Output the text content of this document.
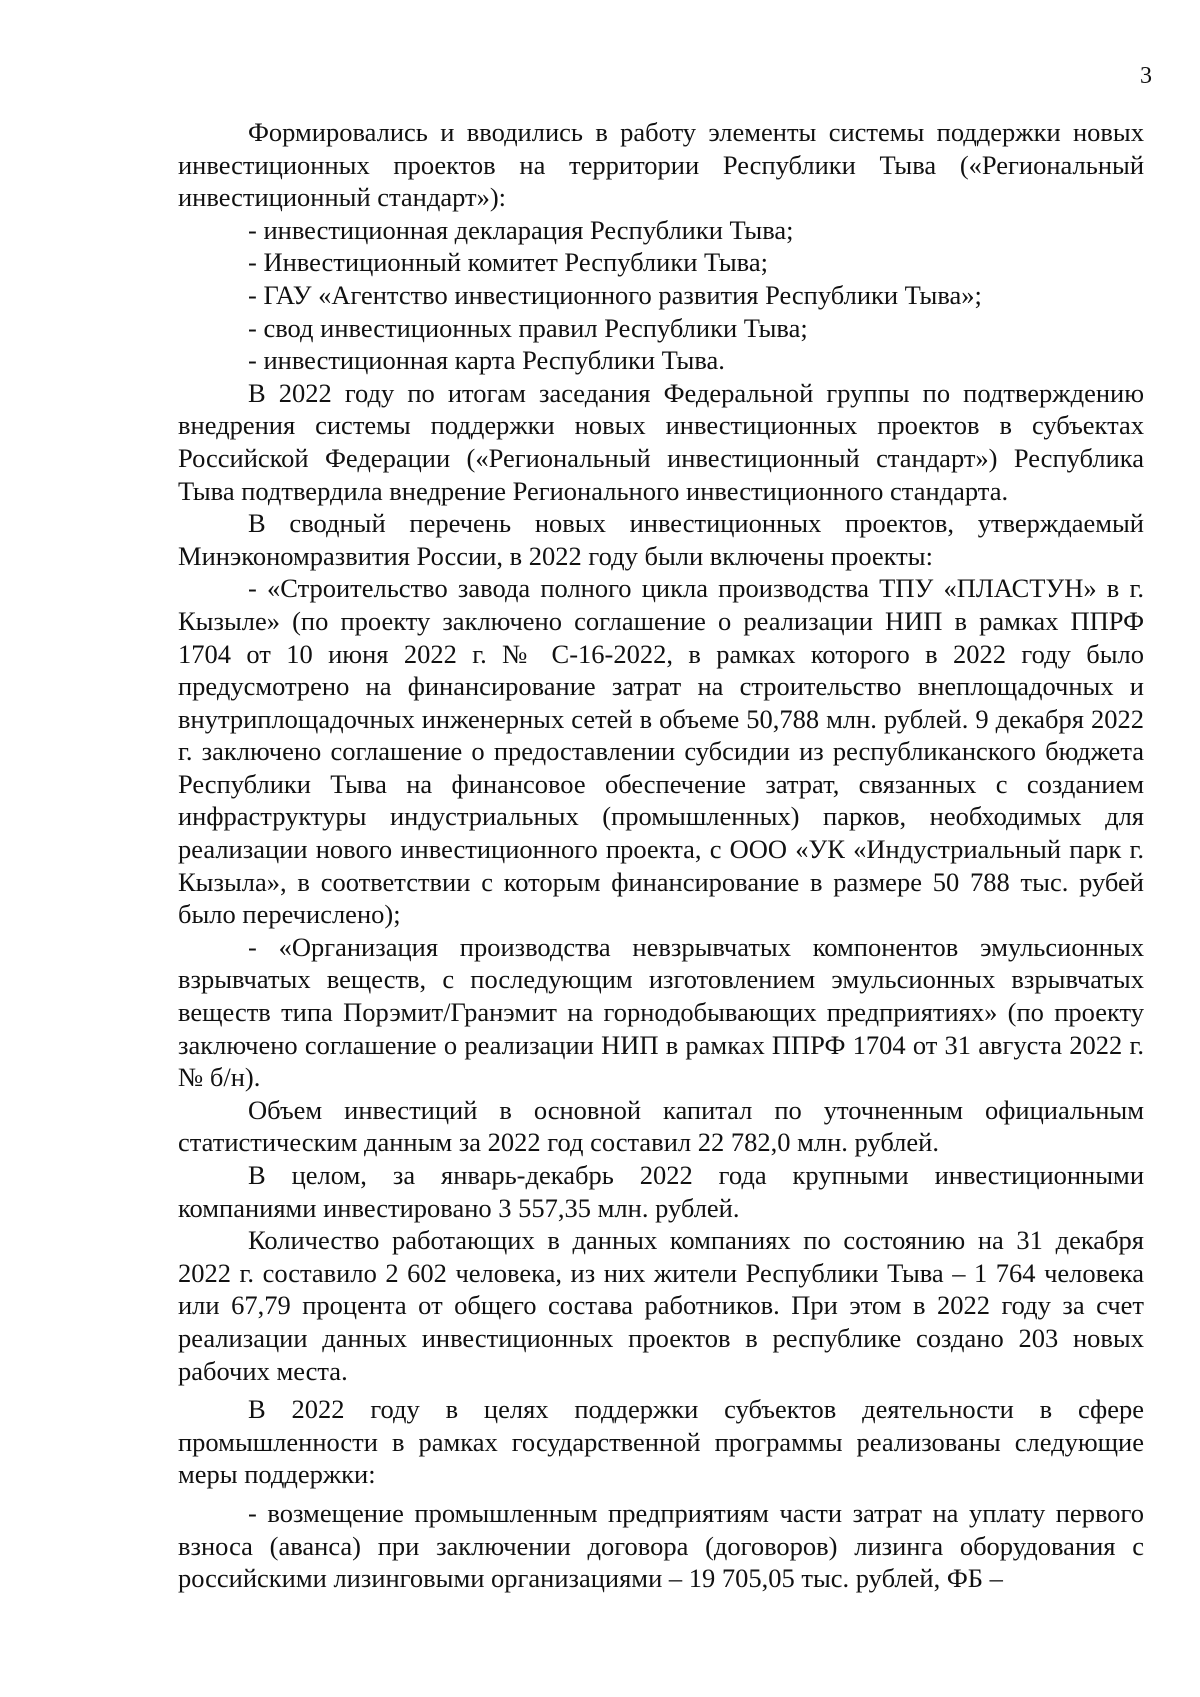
3

Формировались и вводились в работу элементы системы поддержки новых инвестиционных проектов на территории Республики Тыва («Региональный инвестиционный стандарт»):

- инвестиционная декларация Республики Тыва;

- Инвестиционный комитет Республики Тыва;

- ГАУ «Агентство инвестиционного развития Республики Тыва»;

- свод инвестиционных правил Республики Тыва;

- инвестиционная карта Республики Тыва.

В 2022 году по итогам заседания Федеральной группы по подтверждению внедрения системы поддержки новых инвестиционных проектов в субъектах Российской Федерации («Региональный инвестиционный стандарт») Республика Тыва подтвердила внедрение Регионального инвестиционного стандарта.

В сводный перечень новых инвестиционных проектов, утверждаемый Минэкономразвития России, в 2022 году были включены проекты:

- «Строительство завода полного цикла производства ТПУ «ПЛАСТУН» в г. Кызыле» (по проекту заключено соглашение о реализации НИП в рамках ППРФ 1704 от 10 июня 2022 г. № С-16-2022, в рамках которого в 2022 году было предусмотрено на финансирование затрат на строительство внеплощадочных и внутриплощадочных инженерных сетей в объеме 50,788 млн. рублей. 9 декабря 2022 г. заключено соглашение о предоставлении субсидии из республиканского бюджета Республики Тыва на финансовое обеспечение затрат, связанных с созданием инфраструктуры индустриальных (промышленных) парков, необходимых для реализации нового инвестиционного проекта, с ООО «УК «Индустриальный парк г. Кызыла», в соответствии с которым финансирование в размере 50 788 тыс. рубей было перечислено);

- «Организация производства невзрывчатых компонентов эмульсионных взрывчатых веществ, с последующим изготовлением эмульсионных взрывчатых веществ типа Порэмит/Гранэмит на горнодобывающих предприятиях» (по проекту заключено соглашение о реализации НИП в рамках ППРФ 1704 от 31 августа 2022 г. № б/н).

Объем инвестиций в основной капитал по уточненным официальным статистическим данным за 2022 год составил 22 782,0 млн. рублей.

В целом, за январь-декабрь 2022 года крупными инвестиционными компаниями инвестировано 3 557,35 млн. рублей.

Количество работающих в данных компаниях по состоянию на 31 декабря 2022 г. составило 2 602 человека, из них жители Республики Тыва – 1 764 человека или 67,79 процента от общего состава работников. При этом в 2022 году за счет реализации данных инвестиционных проектов в республике создано 203 новых рабочих места.

В 2022 году в целях поддержки субъектов деятельности в сфере промышленности в рамках государственной программы реализованы следующие меры поддержки:

- возмещение промышленным предприятиям части затрат на уплату первого взноса (аванса) при заключении договора (договоров) лизинга оборудования с российскими лизинговыми организациями – 19 705,05 тыс. рублей, ФБ –
